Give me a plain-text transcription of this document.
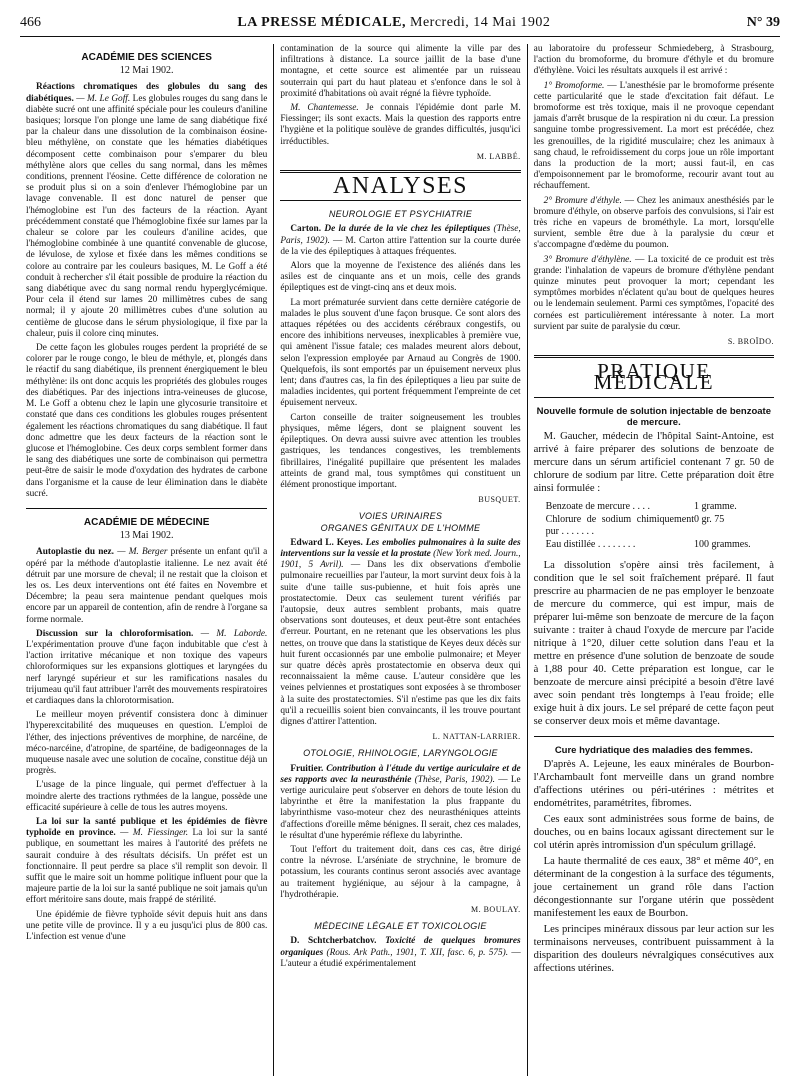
466	LA PRESSE MÉDICALE, Mercredi, 14 Mai 1902	N° 39
ACADÉMIE DES SCIENCES
12 Mai 1902.

Réactions chromatiques des globules du sang des diabétiques. — M. Le Goff. Les globules rouges du sang dans le diabète sucré ont une affinité spéciale pour les couleurs d'aniline basiques; lorsque l'on plonge une lame de sang diabétique fixé par la chaleur dans une dissolution de la combinaison éosine-bleu méthylène, on constate que les hématies diabétiques décomposent cette combinaison pour s'emparer du bleu méthylène alors que celles du sang normal, dans les mêmes conditions, prennent l'éosine. Cette différence de coloration ne se produit plus si on a soin d'enlever l'hémoglobine par un lavage convenable. Il est donc naturel de penser que l'hémoglobine est l'un des facteurs de la réaction. Ayant précédemment constaté que l'hémoglobine fixée sur lames par la chaleur se colore par les couleurs d'aniline acides, que l'hémoglobine combinée à une quantité convenable de glucose, de lévulose, de xylose et fixée dans les mêmes conditions se colore au contraire par les couleurs basiques, M. Le Goff a été conduit à rechercher s'il était possible de produire la réaction du sang diabétique avec du sang normal rendu hyperglycémique. Pour cela il étend sur lames 20 millimètres cubes de sang normal; il y ajoute 20 millimètres cubes d'une solution au centième de glucose dans le sérum physiologique, il fixe par la chaleur, puis il colore cinq minutes.

De cette façon les globules rouges perdent la propriété de se colorer par le rouge congo, le bleu de méthyle, et, plongés dans le réactif du sang diabétique, ils prennent énergiquement le bleu méthylène: ils ont donc acquis les propriétés des globules rouges des diabétiques. Par des injections intra-veineuses de glucose, M. Le Goff a obtenu chez le lapin une glycosurie transitoire et constaté que dans ces conditions les globules rouges présentent également les réactions chromatiques du sang diabétique. Il faut donc admettre que les deux facteurs de la réaction sont le glucose et l'hémoglobine. Ces deux corps semblent former dans le sang des diabétiques une sorte de combinaison qui permettra peut-être de saisir le mode d'oxydation des hydrates de carbone dans l'organisme et la cause de leur élimination dans le diabète sucré.

ACADÉMIE DE MÉDECINE
13 Mai 1902.

Autoplastie du nez. — M. Berger présente un enfant qu'il a opéré par la méthode d'autoplastie italienne. Le nez avait été détruit par une morsure de cheval; il ne restait que la cloison et les os. Les deux interventions ont été faites en Novembre et Décembre; la peau sera maintenue pendant quelques mois encore par un appareil de contention, afin de rendre à l'organe sa forme normale.

Discussion sur la chloroformisation. — M. Laborde. L'expérimentation prouve d'une façon indubitable que c'est à l'action irritative mécanique et non toxique des vapeurs chloroformiques sur les expansions glottiques et laryngées du nerf laryngé supérieur et sur les ramifications nasales du trijumeau qu'il faut attribuer l'arrêt des mouvements respiratoires et cardiaques dans la chlorotormisation.

Le meilleur moyen préventif consistera donc à diminuer l'hyperexcitabilité des muqueuses en question. L'emploi de l'éther, des injections préventives de morphine, de narcéine, de méco-narcéine, d'atropine, de spartéine, de badigeonnages de la muqueuse nasale avec une solution de cocaïne, constitue déjà un progrès.

L'usage de la pince linguale, qui permet d'effectuer à la moindre alerte des tractions rythmées de la langue, possède une efficacité supérieure à celle de tous les autres moyens.

La loi sur la santé publique et les épidémies de fièvre typhoïde en province. — M. Fiessinger. La loi sur la santé publique, en soumettant les maires à l'autorité des préfets ne saurait conduire à des résultats décisifs. Un préfet est un fonctionnaire. Il peut perdre sa place s'il remplit son devoir. Il suffit que le maire soit un homme politique influent pour que la majeure partie de la loi sur la santé publique ne soit jamais qu'un effort méritoire sans doute, mais frappé de stérilité.

Une épidémie de fièvre typhoïde sévit depuis huit ans dans une petite ville de province. Il y a eu jusqu'ici plus de 800 cas. L'infection est venue d'une

contamination de la source qui alimente la ville par des infiltrations à distance. La source jaillit de la base d'une montagne, et cette source est alimentée par un ruisseau souterrain qui part du haut plateau et s'enfonce dans le sol à proximité d'habitations où avait régné la fièvre typhoïde.

M. Chantemesse. Je connais l'épidémie dont parle M. Fiessinger; ils sont exacts. Mais la question des rapports entre l'hygiène et la politique soulève de grandes difficultés, jusqu'ici irréductibles.

M. LABBÉ.
ANALYSES
NEUROLOGIE ET PSYCHIATRIE

Carton. De la durée de la vie chez les épileptiques (Thèse, Paris, 1902). — M. Carton attire l'attention sur la courte durée de la vie des épileptiques à attaques fréquentes.

Alors que la moyenne de l'existence des aliénés dans les asiles est de cinquante ans et un mois, celle des grands épileptiques est de vingt-cinq ans et deux mois.

La mort prématurée survient dans cette dernière catégorie de malades le plus souvent d'une façon brusque. Ce sont alors des attaques répétées ou des accidents cérébraux congestifs, ou encore des inhibitions nerveuses, inexplicables à première vue, qui amènent l'issue fatale; ces malades meurent alors debout, selon l'expression employée par Arnaud au Congrès de 1900. Quelquefois, ils sont emportés par un épuisement nerveux plus lent; dans d'autres cas, la fin des épileptiques a lieu par suite de maladies incidentes, qui portent fréquemment l'empreinte de cet épuisement nerveux.

Carton conseille de traiter soigneusement les troubles physiques, même légers, dont se plaignent souvent les épileptiques. On devra aussi suivre avec attention les troubles gastriques, les tendances congestives, les tremblements fibrillaires, l'inégalité pupillaire que présentent les malades atteints de grand mal, tous symptômes qui constituent un élément pronostique important.

BUSQUET.
VOIES URINAIRES
ORGANES GÉNITAUX DE L'HOMME

Edward L. Keyes. Les embolies pulmonaires à la suite des interventions sur la vessie et la prostate (New York med. Journ., 1901, 5 Avril). — Dans les dix observations d'embolie pulmonaire recueillies par l'auteur, la mort survint deux fois à la suite d'une taille sus-pubienne, et huit fois après une prostatectomie. Deux cas seulement turent vérifiés par l'autopsie, deux autres semblent probants, mais quatre observations sont douteuses, et deux peut-être sont entachées d'erreur. Pourtant, en ne retenant que les observations les plus nettes, on trouve que dans la statistique de Keyes deux décès sur huit furent occasionnés par une embolie pulmonaire; et Meyer sur quatre décès après prostatectomie en observa deux qui reconnaissaient la même cause. L'auteur considère que les veines pelviennes et prostatiques sont exposées à se thromboser à la suite des prostatectomies. S'il n'estime pas que les dix faits qu'il a recueillis soient bien convaincants, il les trouve pourtant dignes d'attirer l'attention.

L. NATTAN-LARRIER.
OTOLOGIE, RHINOLOGIE, LARYNGOLOGIE

Fruitier. Contribution à l'étude du vertige auriculaire et de ses rapports avec la neurasthénie (Thèse, Paris, 1902). — Le vertige auriculaire peut s'observer en dehors de toute lésion du labyrinthe et être la manifestation la plus frappante du labyrinthisme vaso-moteur chez des neurasthéniques atteints d'affections d'oreille même bénignes. Il serait, chez ces malades, le résultat d'une hyperémie réflexe du labyrinthe.

Tout l'effort du traitement doit, dans ces cas, être dirigé contre la névrose. L'arséniate de strychnine, le bromure de potassium, les courants continus seront associés avec avantage au traitement hygiénique, au séjour à la campagne, à l'hydrothérapie.

M. BOULAY.
MÉDECINE LÉGALE ET TOXICOLOGIE

D. Schtcherbatchov. Toxicité de quelques bromures organiques (Rous. Ark Path., 1901, T. XII, fasc. 6, p. 575). — L'auteur a étudié expérimentalement

au laboratoire du professeur Schmiedeberg, à Strasbourg, l'action du bromoforme, du bromure d'éthyle et du bromure d'éthylène. Voici les résultats auxquels il est arrivé :

1° Bromoforme. — L'anesthésie par le bromoforme présente cette particularité que le stade d'excitation fait défaut. Le bromoforme est très toxique, mais il ne provoque cependant jamais d'arrêt brusque de la respiration ni du cœur. La pression sanguine tombe progressivement. La mort est précédée, chez les grenouilles, de la rigidité musculaire; chez les animaux à sang chaud, le refroidissement du corps joue un rôle important dans la production de la mort; aussi faut-il, en cas d'empoisonnement par le bromoforme, recourir avant tout au réchauffement.

2° Bromure d'éthyle. — Chez les animaux anesthésiés par le bromure d'éthyle, on observe parfois des convulsions, si l'air est très riche en vapeurs de brométhyle. La mort, lorsqu'elle survient, semble être due à la paralysie du cœur et s'accompagne d'œdème du poumon.

3° Bromure d'éthylène. — La toxicité de ce produit est très grande: l'inhalation de vapeurs de bromure d'éthylène pendant quinze minutes peut provoquer la mort; cependant les symptômes morbides n'éclatent qu'au bout de quelques heures ou le lendemain seulement. Parmi ces symptômes, l'opacité des cornées est particulièrement intéressante à noter. La mort survient par suite de paralysie du cœur.

S. BROÏDO.
PRATIQUE MÉDICALE
Nouvelle formule de solution injectable de benzoate de mercure.

M. Gaucher, médecin de l'hôpital Saint-Antoine, est arrivé à faire préparer des solutions de benzoate de mercure dans un sérum artificiel contenant 7 gr. 50 de chlorure de sodium par litre. Cette préparation doit être ainsi formulée :

Benzoate de mercure . . . .	1 gramme.
Chlorure de sodium chimiquement pur . . . . . . .
0 gr. 75
Eau distillée . . . . . . . .	100 grammes.

La dissolution s'opère ainsi très facilement, à condition que le sel soit fraîchement préparé. Il faut prescrire au pharmacien de ne pas employer le benzoate de mercure du commerce, qui est impur, mais de préparer lui-même son benzoate de mercure de la façon suivante : traiter à chaud l'oxyde de mercure par l'acide nitrique à 1°20, diluer cette solution dans l'eau et la mettre en présence d'une solution de benzoate de soude à 1,88 pour 40. Cette préparation est longue, car le benzoate de mercure ainsi précipité a besoin d'être lavé avec soin pendant très longtemps à l'eau froide; elle exige huit à dix jours. Le sel préparé de cette façon peut se conserver deux mois et même davantage.

Cure hydriatique des maladies des femmes.

D'après A. Lejeune, les eaux minérales de Bourbon-l'Archambault font merveille dans un grand nombre d'affections utérines ou péri-utérines : métrites et endométrites, paramétrites, fibromes.

Ces eaux sont administrées sous forme de bains, de douches, ou en bains locaux agissant directement sur le col utérin après intromission d'un spéculum grillagé.

La haute thermalité de ces eaux, 38° et même 40°, en déterminant de la congestion à la surface des téguments, joue certainement un grand rôle dans l'action décongestionnante sur l'organe utérin que possèdent manifestement les eaux de Bourbon.

Les principes minéraux dissous par leur action sur les terminaisons nerveuses, contribuent puissamment à la disparition des douleurs névralgiques consécutives aux affections utérines.
